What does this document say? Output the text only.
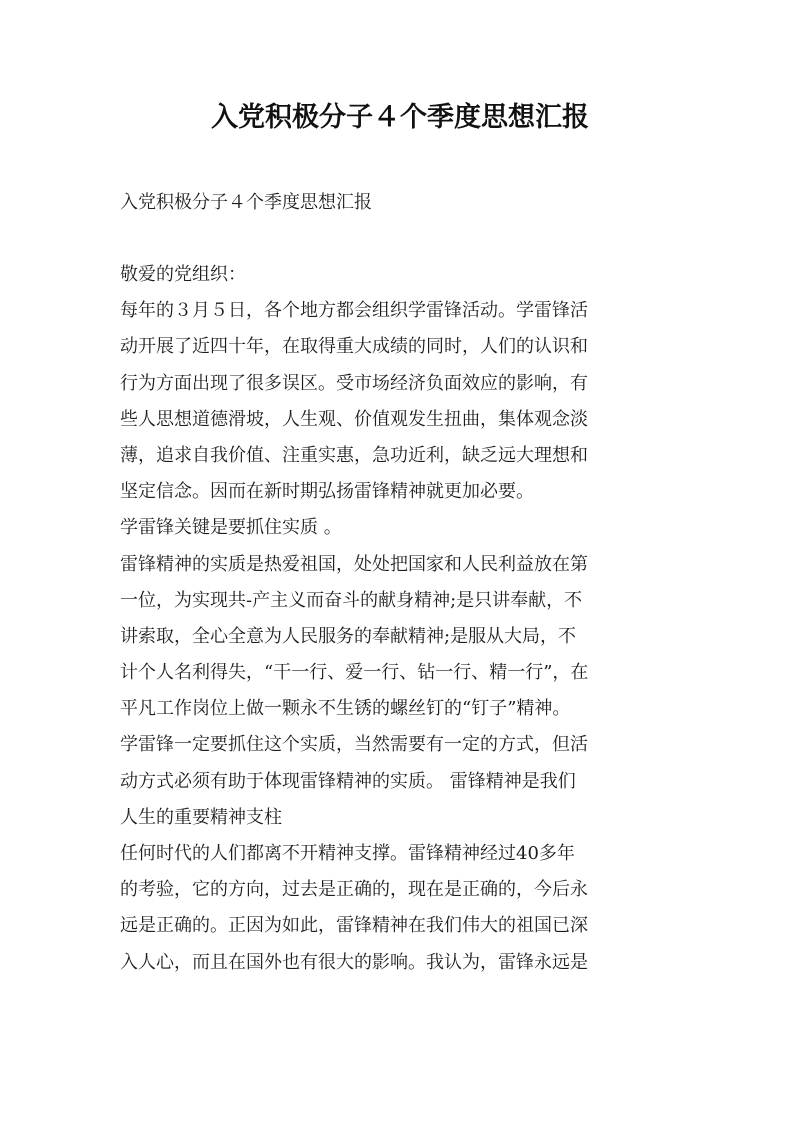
入党积极分子４个季度思想汇报

入党积极分子４个季度思想汇报

敬爱的党组织：
每年的３月５日，各个地方都会组织学雷锋活动。学雷锋活
动开展了近四十年，在取得重大成绩的同时，人们的认识和
行为方面出现了很多误区。受市场经济负面效应的影响，有
些人思想道德滑坡，人生观、价值观发生扭曲，集体观念淡
薄，追求自我价值、注重实惠，急功近利，缺乏远大理想和
坚定信念。因而在新时期弘扬雷锋精神就更加必要。
学雷锋关键是要抓住实质 。
雷锋精神的实质是热爱祖国，处处把国家和人民利益放在第
一位，为实现共-产主义而奋斗的献身精神;是只讲奉献，不
讲索取，全心全意为人民服务的奉献精神;是服从大局，不
计个人名利得失，“干一行、爱一行、钻一行、精一行”，在
平凡工作岗位上做一颗永不生锈的螺丝钉的“钉子”精神。
学雷锋一定要抓住这个实质，当然需要有一定的方式，但活
动方式必须有助于体现雷锋精神的实质。 雷锋精神是我们
人生的重要精神支柱
任何时代的人们都离不开精神支撑。雷锋精神经过40多年
的考验，它的方向，过去是正确的，现在是正确的，今后永
远是正确的。正因为如此，雷锋精神在我们伟大的祖国已深
入人心，而且在国外也有很大的影响。我认为，雷锋永远是
